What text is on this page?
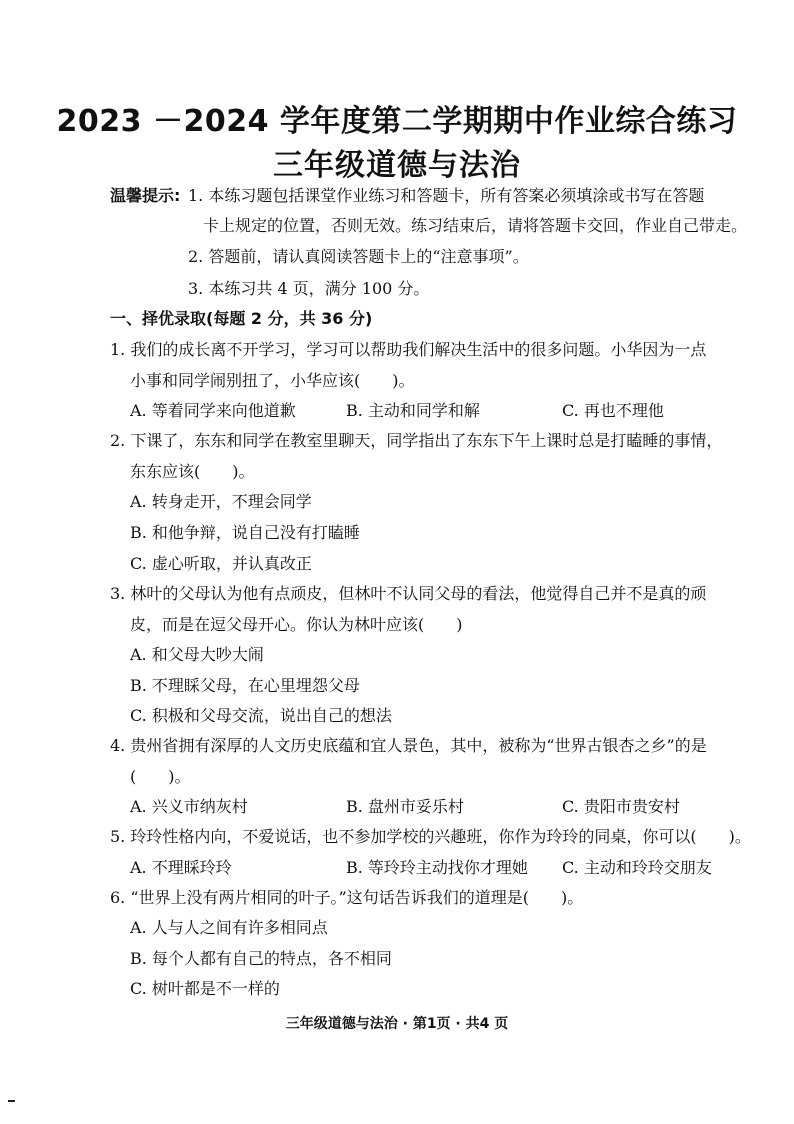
2023 －2024 学年度第二学期期中作业综合练习
三年级道德与法治
温馨提示: 1. 本练习题包括课堂作业练习和答题卡，所有答案必须填涂或书写在答题
卡上规定的位置，否则无效。练习结束后，请将答题卡交回，作业自己带走。
2. 答题前，请认真阅读答题卡上的“注意事项”。
3. 本练习共 4 页，满分 100 分。
一、择优录取(每题 2 分，共 36 分)
1. 我们的成长离不开学习，学习可以帮助我们解决生活中的很多问题。小华因为一点
小事和同学闹别扭了，小华应该(　　)。
A. 等着同学来向他道歉	B. 主动和同学和解	C. 再也不理他
2. 下课了，东东和同学在教室里聊天，同学指出了东东下午上课时总是打瞌睡的事情，
东东应该(　　)。
A. 转身走开，不理会同学
B. 和他争辩，说自己没有打瞌睡
C. 虚心听取，并认真改正
3. 林叶的父母认为他有点顽皮，但林叶不认同父母的看法，他觉得自己并不是真的顽
皮，而是在逗父母开心。你认为林叶应该(　　)
A. 和父母大吵大闹
B. 不理睬父母，在心里埋怨父母
C. 积极和父母交流，说出自己的想法
4. 贵州省拥有深厚的人文历史底蕴和宜人景色，其中，被称为“世界古银杏之乡”的是
(　　)。
A. 兴义市纳灰村	B. 盘州市妥乐村	C. 贵阳市贵安村
5. 玲玲性格内向，不爱说话，也不参加学校的兴趣班，你作为玲玲的同桌，你可以(　　)。
A. 不理睬玲玲	B. 等玲玲主动找你才理她 C. 主动和玲玲交朋友
6. “世界上没有两片相同的叶子。”这句话告诉我们的道理是(　　)。
A. 人与人之间有许多相同点
B. 每个人都有自己的特点，各不相同
C. 树叶都是不一样的
三年级道德与法治 · 第1页 · 共4 页
